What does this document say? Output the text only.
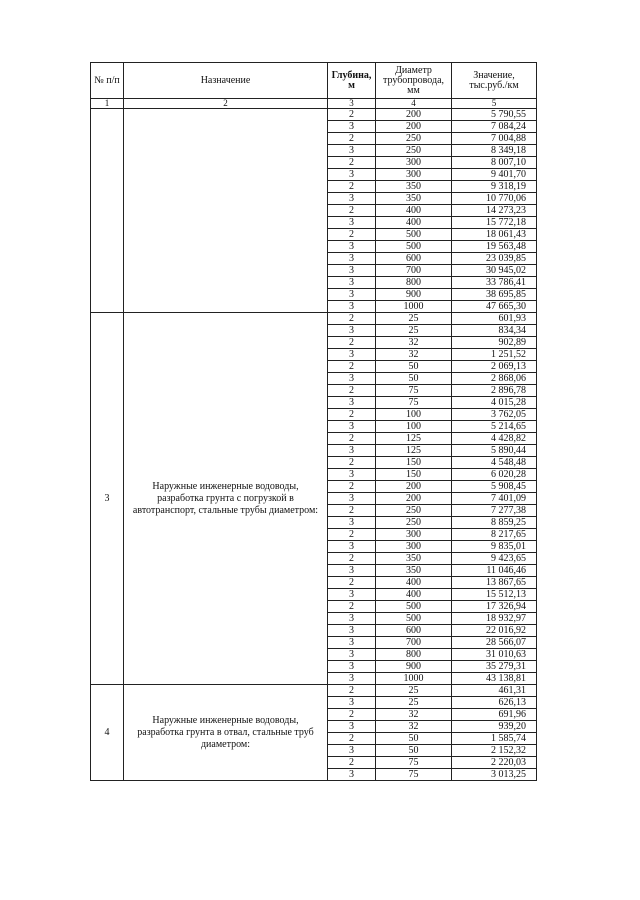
№ п/п	Назначение	Глубина, м	Диаметр трубопровода, мм	Значение, тыс.руб./км
1	2	3	4	5
		2	200	5 790,55
		3	200	7 084,24
		2	250	7 004,88
		3	250	8 349,18
		2	300	8 007,10
		3	300	9 401,70
		2	350	9 318,19
		3	350	10 770,06
		2	400	14 273,23
		3	400	15 772,18
		2	500	18 061,43
		3	500	19 563,48
		3	600	23 039,85
		3	700	30 945,02
		3	800	33 786,41
		3	900	38 695,85
		3	1000	47 665,30
3	Наружные инженерные водоводы, разработка грунта с погрузкой в автотранспорт, стальные трубы диаметром:	2	25	601,93
		3	25	834,34
		2	32	902,89
		3	32	1 251,52
		2	50	2 069,13
		3	50	2 868,06
		2	75	2 896,78
		3	75	4 015,28
		2	100	3 762,05
		3	100	5 214,65
		2	125	4 428,82
		3	125	5 890,44
		2	150	4 548,48
		3	150	6 020,28
		2	200	5 908,45
		3	200	7 401,09
		2	250	7 277,38
		3	250	8 859,25
		2	300	8 217,65
		3	300	9 835,01
		2	350	9 423,65
		3	350	11 046,46
		2	400	13 867,65
		3	400	15 512,13
		2	500	17 326,94
		3	500	18 932,97
		3	600	22 016,92
		3	700	28 566,07
		3	800	31 010,63
		3	900	35 279,31
		3	1000	43 138,81
4	Наружные инженерные водоводы, разработка грунта в отвал, стальные труб диаметром:	2	25	461,31
		3	25	626,13
		2	32	691,96
		3	32	939,20
		2	50	1 585,74
		3	50	2 152,32
		2	75	2 220,03
		3	75	3 013,25
